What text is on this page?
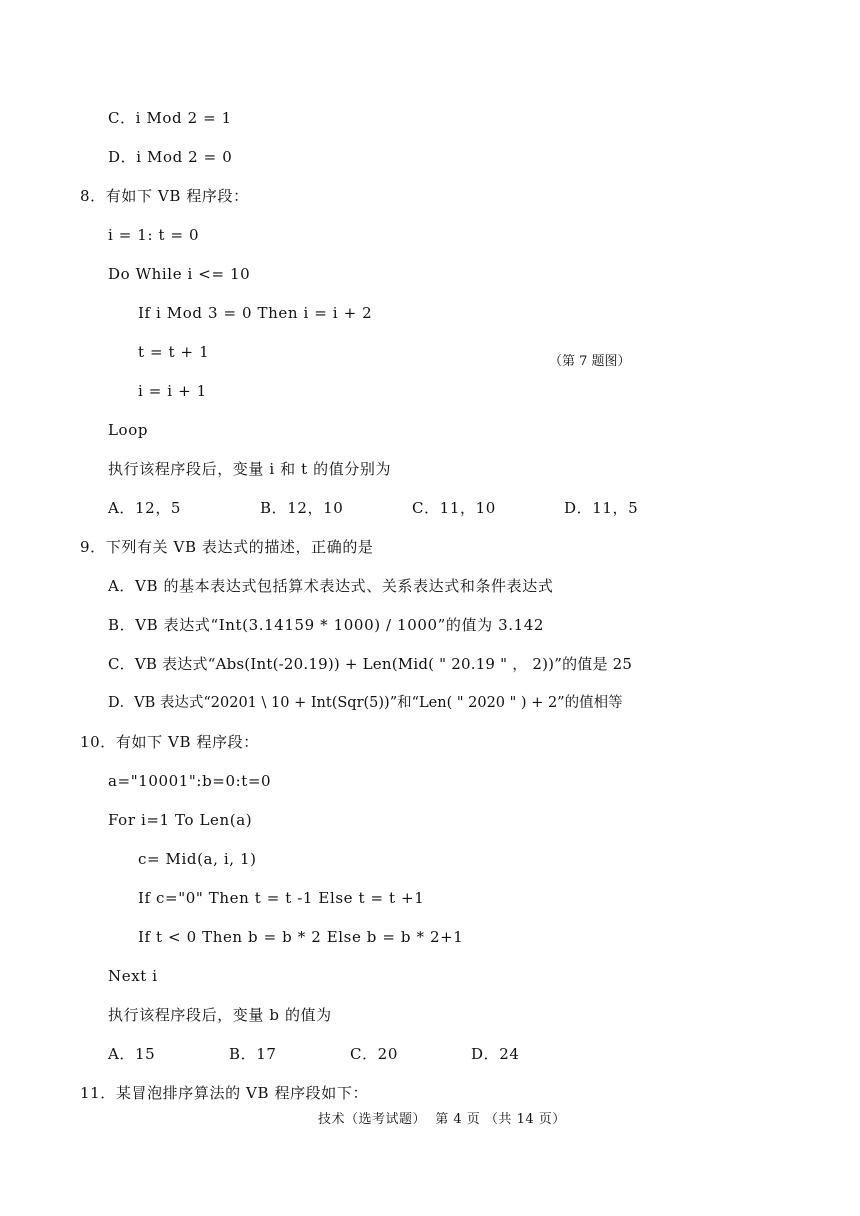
C．i Mod 2 = 1
D．i Mod 2 = 0
8．有如下 VB 程序段：
i = 1: t = 0
Do While i <= 10
If i Mod 3 = 0 Then i = i + 2
t = t + 1
（第 7 题图）
i = i + 1
Loop
执行该程序段后，变量 i 和 t 的值分别为
A．12，5	B．12，10	C．11，10	D．11，5
9．下列有关 VB 表达式的描述，正确的是
A．VB 的基本表达式包括算术表达式、关系表达式和条件表达式
B．VB 表达式“Int(3.14159 * 1000) / 1000”的值为 3.142
C．VB 表达式“Abs(Int(-20.19)) + Len(Mid( " 20.19 " ， 2))”的值是 25
D．VB 表达式“20201 \ 10 + Int(Sqr(5))”和“Len( " 2020 " ) + 2”的值相等
10．有如下 VB 程序段：
a="10001":b=0:t=0
For i=1 To Len(a)
c= Mid(a, i, 1)
If c="0" Then t = t -1 Else t = t +1
If t < 0 Then b = b * 2 Else b = b * 2+1
Next i
执行该程序段后，变量 b 的值为
A．15	B．17	C．20	D．24
11．某冒泡排序算法的 VB 程序段如下：
技术（选考试题）  第 4 页 （共 14 页）
